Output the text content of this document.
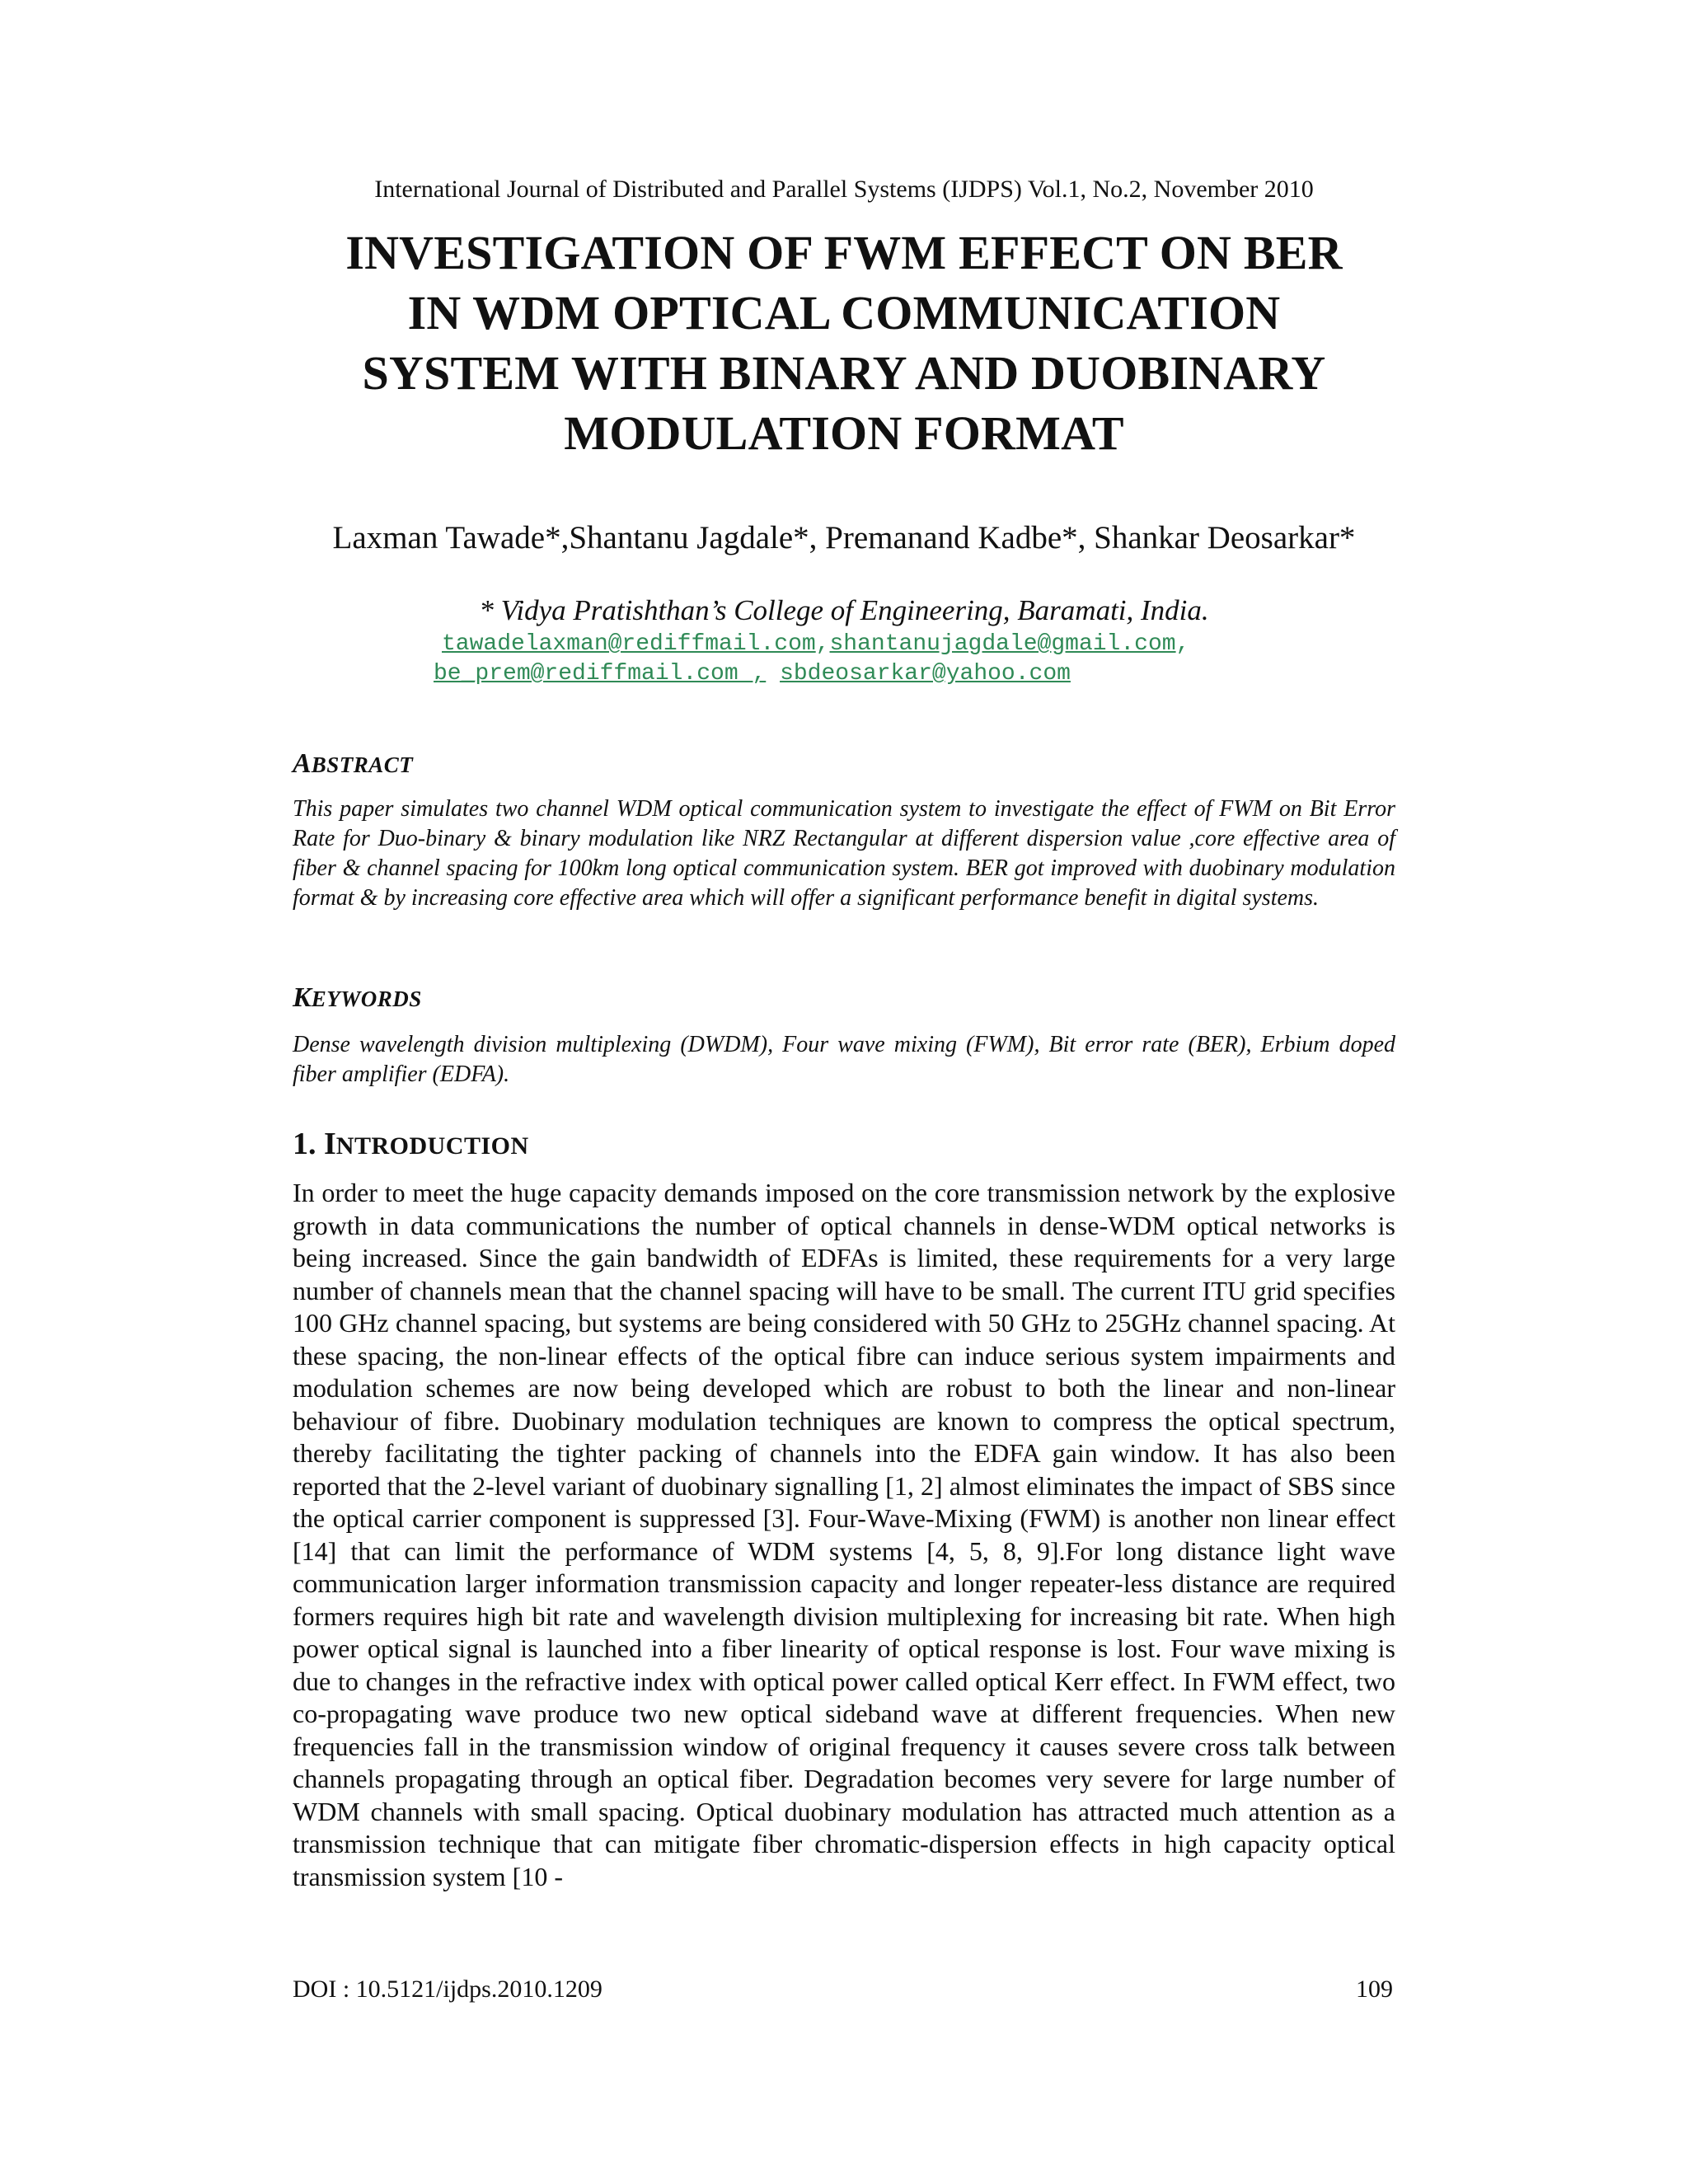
International Journal of Distributed and Parallel Systems (IJDPS) Vol.1, No.2, November 2010
INVESTIGATION OF FWM EFFECT ON BER
IN WDM OPTICAL COMMUNICATION
SYSTEM WITH BINARY AND DUOBINARY
MODULATION FORMAT
Laxman Tawade*,Shantanu Jagdale*, Premanand Kadbe*, Shankar Deosarkar*
* Vidya Pratishthan’s College of Engineering, Baramati, India.
tawadelaxman@rediffmail.com,shantanujagdale@gmail.com,
be_prem@rediffmail.com , sbdeosarkar@yahoo.com
ABSTRACT
This paper simulates two channel WDM optical communication system to investigate the effect of FWM on Bit Error Rate for Duo-binary & binary modulation like NRZ Rectangular at different dispersion value ,core effective area of fiber & channel spacing for 100km long optical communication system. BER got improved with duobinary modulation format & by increasing core effective area which will offer a significant performance benefit in digital systems.
KEYWORDS
Dense wavelength division multiplexing (DWDM), Four wave mixing (FWM), Bit error rate (BER), Erbium doped fiber amplifier (EDFA).
1. INTRODUCTION
In order to meet the huge capacity demands imposed on the core transmission network by the explosive growth in data communications the number of optical channels in dense-WDM optical networks is being increased. Since the gain bandwidth of EDFAs is limited, these requirements for a very large number of channels mean that the channel spacing will have to be small. The current ITU grid specifies 100 GHz channel spacing, but systems are being considered with 50 GHz to 25GHz channel spacing. At these spacing, the non-linear effects of the optical fibre can induce serious system impairments and modulation schemes are now being developed which are robust to both the linear and non-linear behaviour of fibre. Duobinary modulation techniques are known to compress the optical spectrum, thereby facilitating the tighter packing of channels into the EDFA gain window. It has also been reported that the 2-level variant of duobinary signalling [1, 2] almost eliminates the impact of SBS since the optical carrier component is suppressed [3]. Four-Wave-Mixing (FWM) is another non linear effect [14] that can limit the performance of WDM systems [4, 5, 8, 9].For long distance light wave communication larger information transmission capacity and longer repeater-less distance are required formers requires high bit rate and wavelength division multiplexing for increasing bit rate. When high power optical signal is launched into a fiber linearity of optical response is lost. Four wave mixing is due to changes in the refractive index with optical power called optical Kerr effect. In FWM effect, two co-propagating wave produce two new optical sideband wave at different frequencies. When new frequencies fall in the transmission window of original frequency it causes severe cross talk between channels propagating through an optical fiber. Degradation becomes very severe for large number of WDM channels with small spacing. Optical duobinary modulation has attracted much attention as a transmission technique that can mitigate fiber chromatic-dispersion effects in high capacity optical transmission system [10 -
DOI : 10.5121/ijdps.2010.1209	109
